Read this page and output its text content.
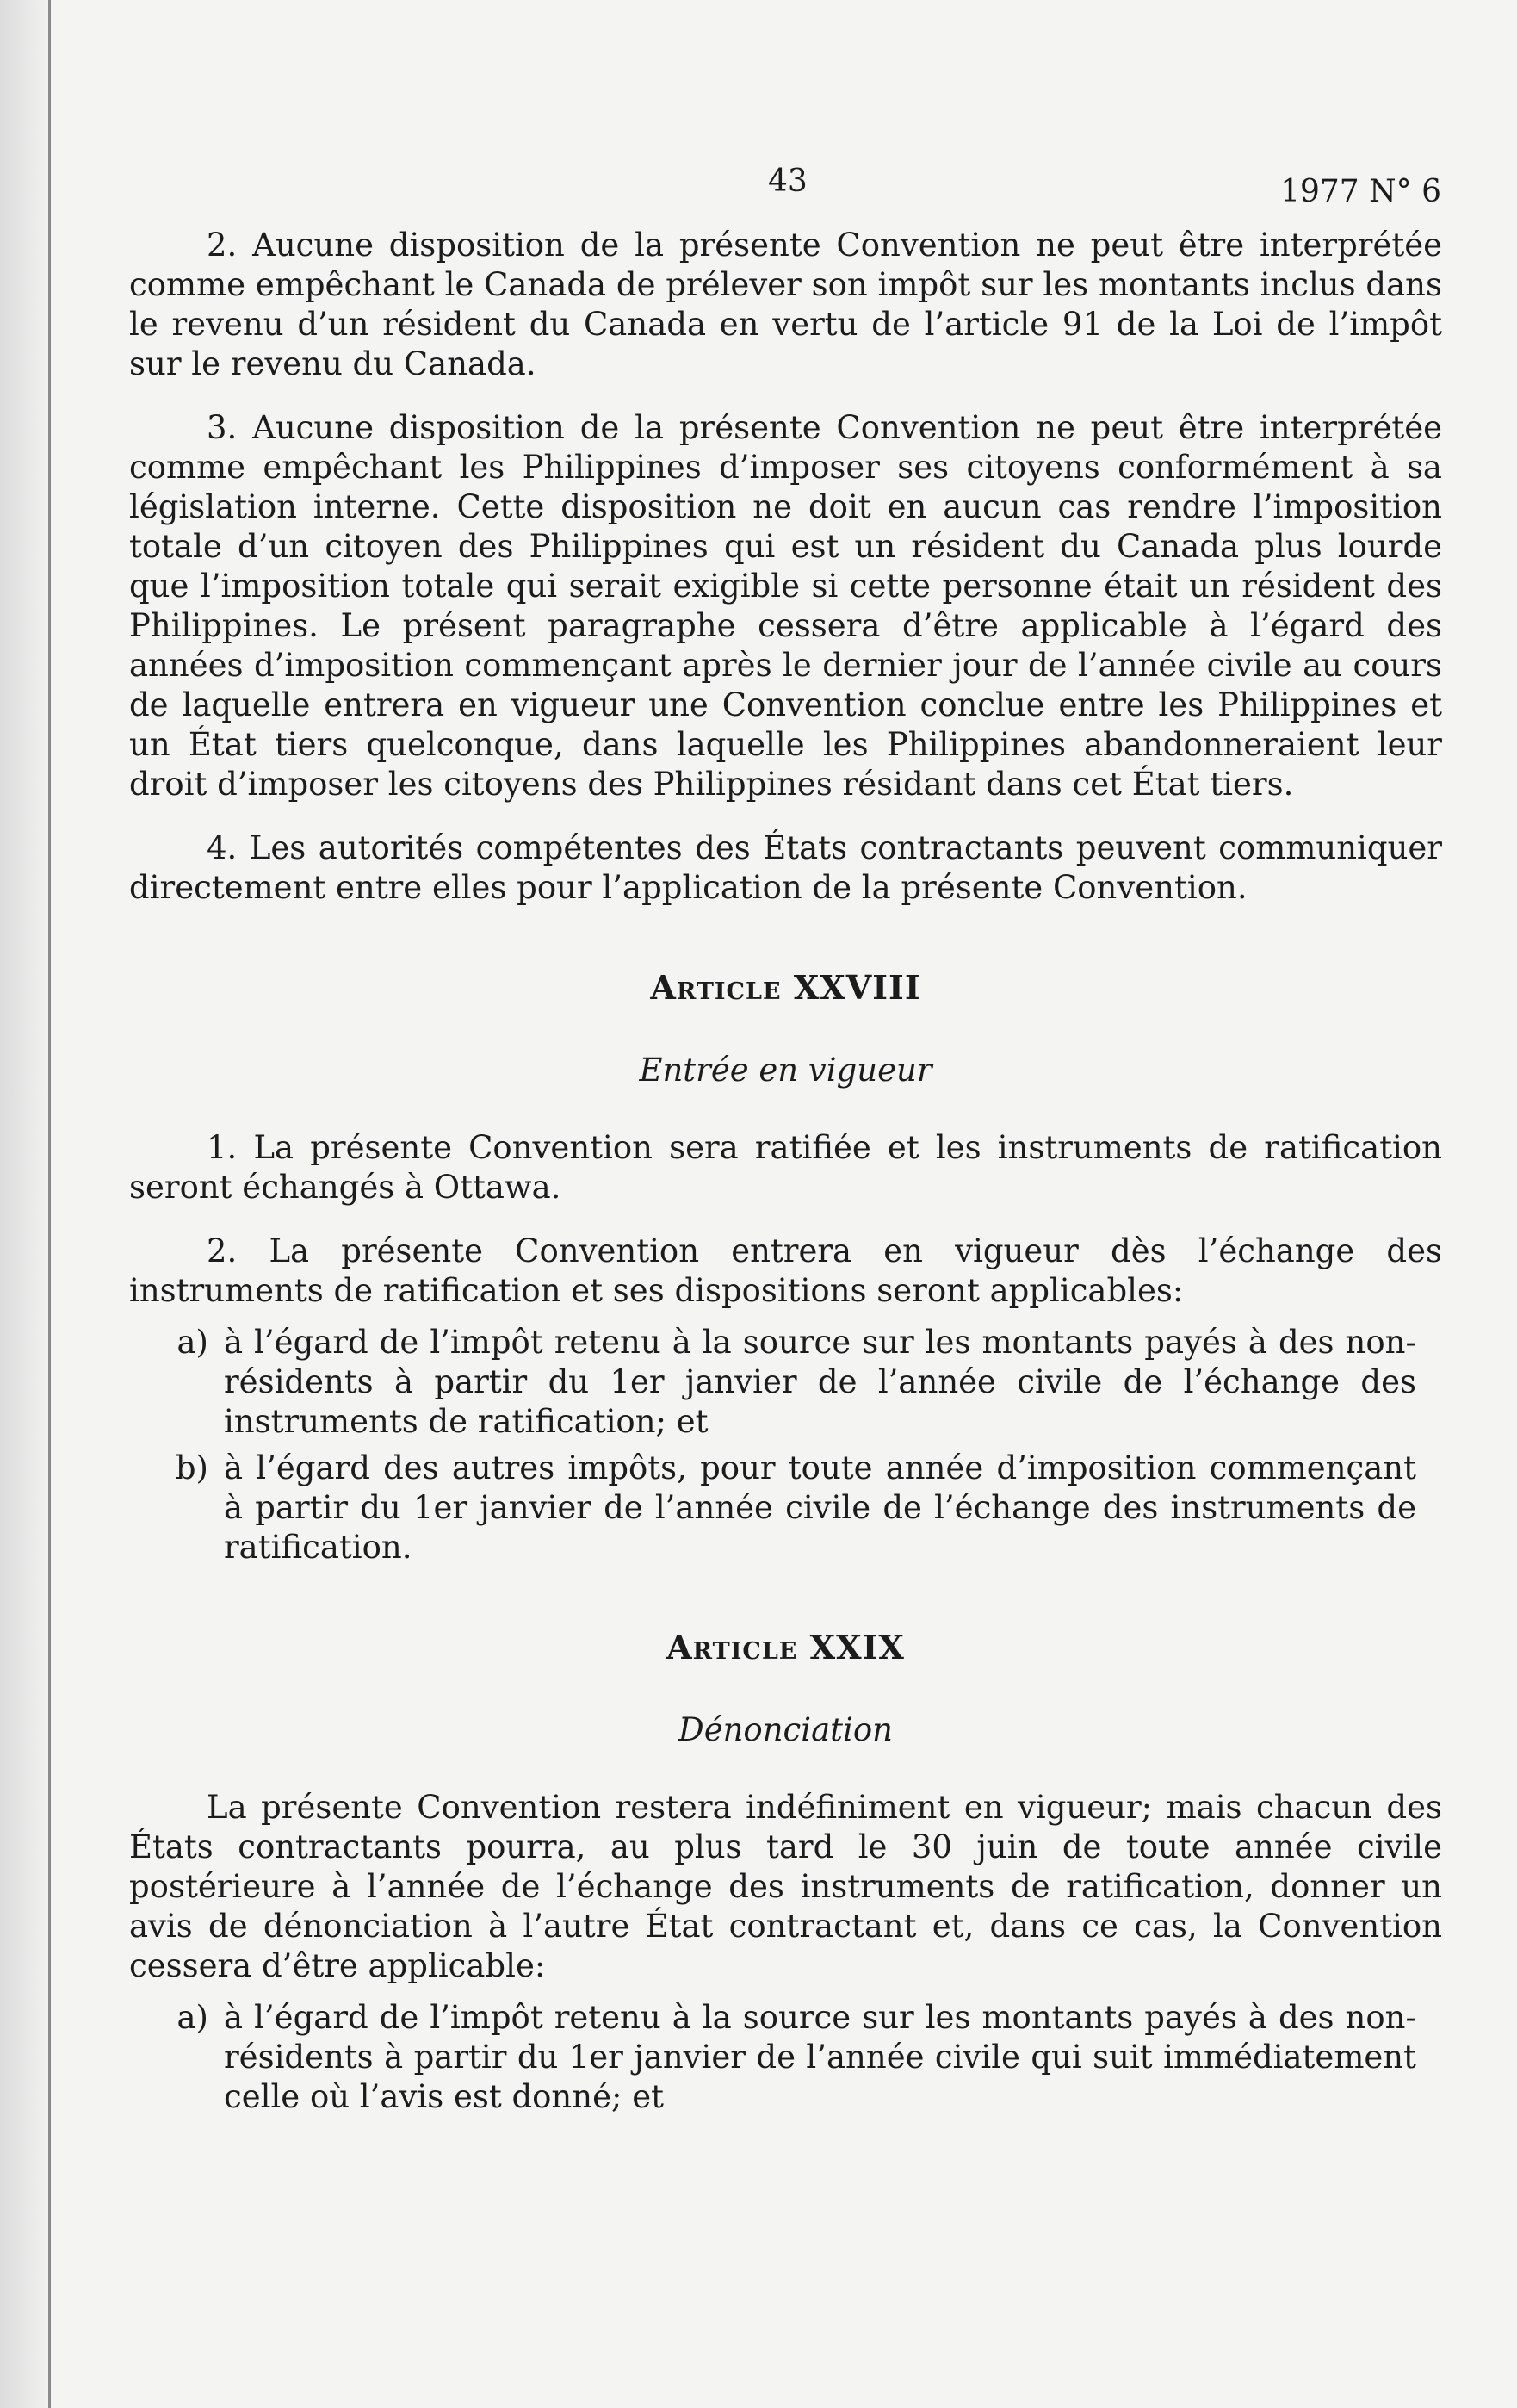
43	1977 N° 6

2. Aucune disposition de la présente Convention ne peut être interprétée comme empêchant le Canada de prélever son impôt sur les montants inclus dans le revenu d’un résident du Canada en vertu de l’article 91 de la Loi de l’impôt sur le revenu du Canada.

3. Aucune disposition de la présente Convention ne peut être interprétée comme empêchant les Philippines d’imposer ses citoyens conformément à sa législation interne. Cette disposition ne doit en aucun cas rendre l’imposition totale d’un citoyen des Philippines qui est un résident du Canada plus lourde que l’imposition totale qui serait exigible si cette personne était un résident des Philippines. Le présent paragraphe cessera d’être applicable à l’égard des années d’imposition commençant après le dernier jour de l’année civile au cours de laquelle entrera en vigueur une Convention conclue entre les Philippines et un État tiers quelconque, dans laquelle les Philippines abandonneraient leur droit d’imposer les citoyens des Philippines résidant dans cet État tiers.

4. Les autorités compétentes des États contractants peuvent communiquer directement entre elles pour l’application de la présente Convention.

Article XXVIII
Entrée en vigueur

1. La présente Convention sera ratifiée et les instruments de ratification seront échangés à Ottawa.

2. La présente Convention entrera en vigueur dès l’échange des instruments de ratification et ses dispositions seront applicables:

a) à l’égard de l’impôt retenu à la source sur les montants payés à des non-résidents à partir du 1er janvier de l’année civile de l’échange des instruments de ratification; et
b) à l’égard des autres impôts, pour toute année d’imposition commençant à partir du 1er janvier de l’année civile de l’échange des instruments de ratification.
Article XXIX
Dénonciation

La présente Convention restera indéfiniment en vigueur; mais chacun des États contractants pourra, au plus tard le 30 juin de toute année civile postérieure à l’année de l’échange des instruments de ratification, donner un avis de dénonciation à l’autre État contractant et, dans ce cas, la Convention cessera d’être applicable:

a) à l’égard de l’impôt retenu à la source sur les montants payés à des non-résidents à partir du 1er janvier de l’année civile qui suit immédiatement celle où l’avis est donné; et
